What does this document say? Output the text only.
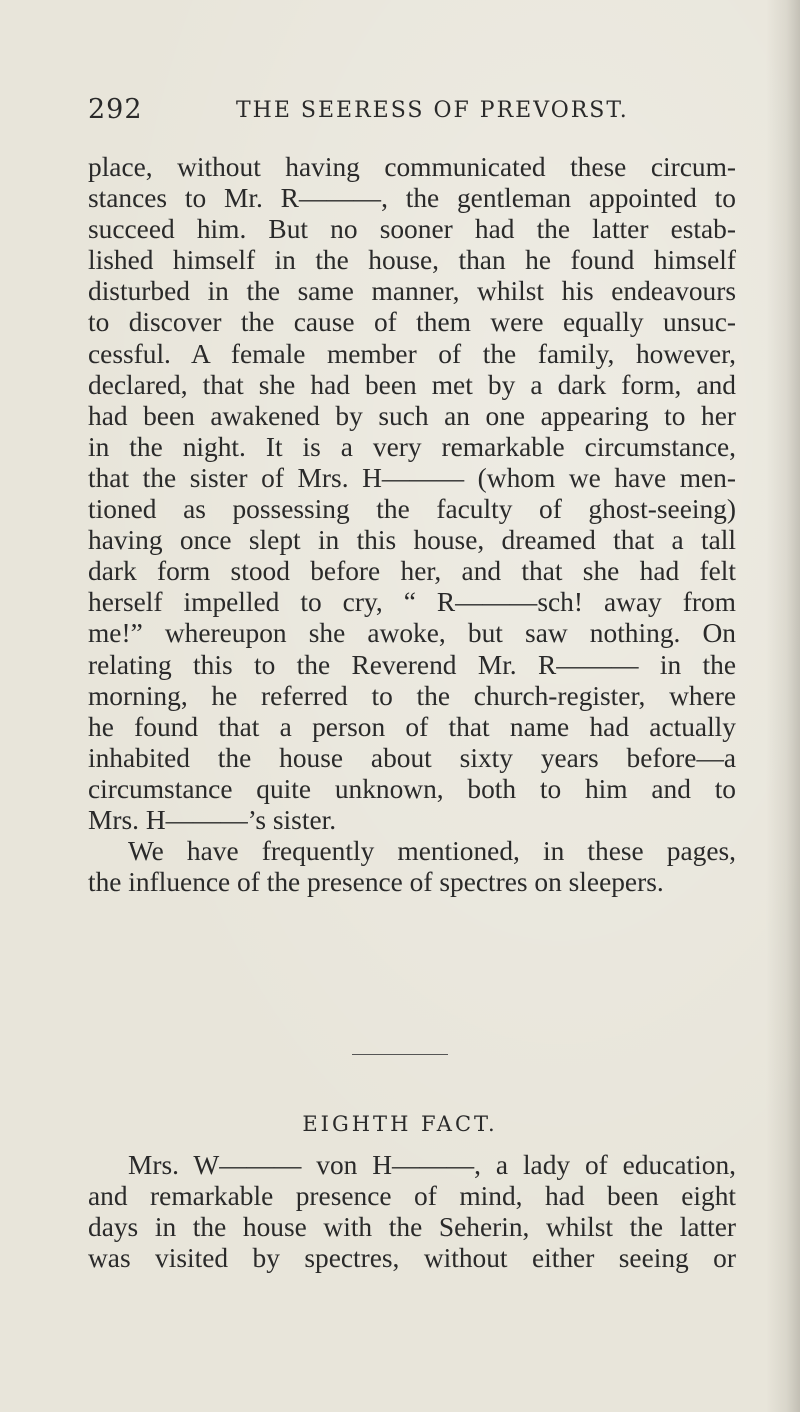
292	THE SEERESS OF PREVORST.
place, without having communicated these circum-
stances to Mr. R———, the gentleman appointed to
succeed him. But no sooner had the latter estab-
lished himself in the house, than he found himself
disturbed in the same manner, whilst his endeavours
to discover the cause of them were equally unsuc-
cessful. A female member of the family, however,
declared, that she had been met by a dark form, and
had been awakened by such an one appearing to her
in the night. It is a very remarkable circumstance,
that the sister of Mrs. H——— (whom we have men-
tioned as possessing the faculty of ghost-seeing)
having once slept in this house, dreamed that a tall
dark form stood before her, and that she had felt
herself impelled to cry, “ R———sch! away from
me!” whereupon she awoke, but saw nothing. On
relating this to the Reverend Mr. R——— in the
morning, he referred to the church-register, where
he found that a person of that name had actually
inhabited the house about sixty years before—a
circumstance quite unknown, both to him and to
Mrs. H———’s sister.
We have frequently mentioned, in these pages,
the influence of the presence of spectres on sleepers.
EIGHTH FACT.
Mrs. W——— von H———, a lady of education,
and remarkable presence of mind, had been eight
days in the house with the Seherin, whilst the latter
was visited by spectres, without either seeing or
